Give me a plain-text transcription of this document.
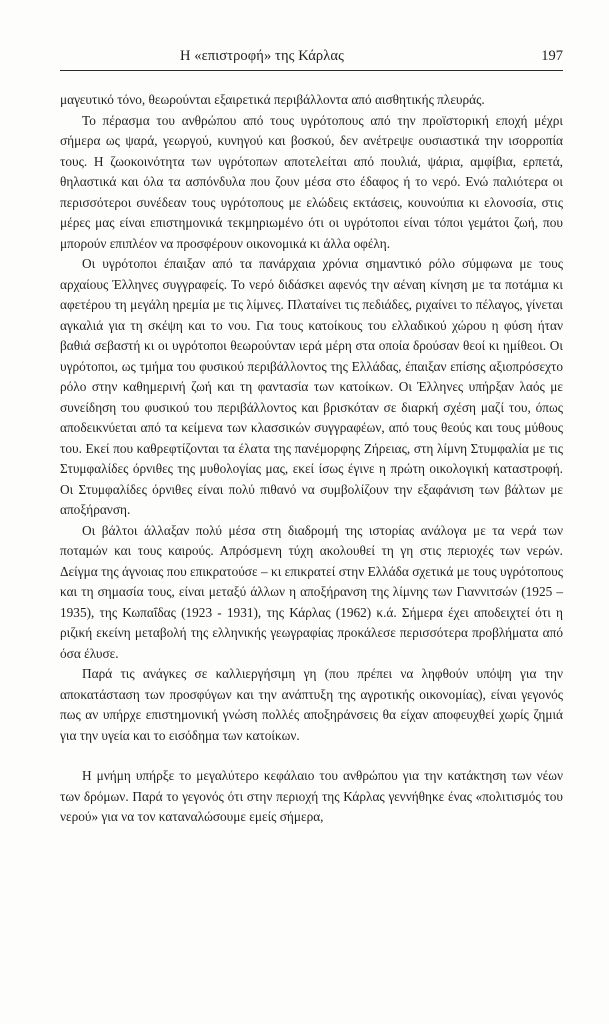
Η «επιστροφή» της Κάρλας	197

μαγευτικό τόνο, θεωρούνται εξαιρετικά περιβάλλοντα από αισθητικής πλευράς.

Το πέρασμα του ανθρώπου από τους υγρότοπους από την προϊστορική εποχή μέχρι σήμερα ως ψαρά, γεωργού, κυνηγού και βοσκού, δεν ανέτρεψε ουσιαστικά την ισορροπία τους. Η ζωοκοινότητα των υγρότοπων αποτελείται από πουλιά, ψάρια, αμφίβια, ερπετά, θηλαστικά και όλα τα ασπόνδυλα που ζουν μέσα στο έδαφος ή το νερό. Ενώ παλιότερα οι περισσότεροι συνέδεαν τους υγρότοπους με ελώδεις εκτάσεις, κουνούπια κι ελονοσία, στις μέρες μας είναι επιστημονικά τεκμηριωμένο ότι οι υγρότοποι είναι τόποι γεμάτοι ζωή, που μπορούν επιπλέον να προσφέρουν οικονομικά κι άλλα οφέλη.

Οι υγρότοποι έπαιξαν από τα πανάρχαια χρόνια σημαντικό ρόλο σύμφωνα με τους αρχαίους Έλληνες συγγραφείς. Το νερό διδάσκει αφενός την αέναη κίνηση με τα ποτάμια κι αφετέρου τη μεγάλη ηρεμία με τις λίμνες. Πλαταίνει τις πεδιάδες, ριχαίνει το πέλαγος, γίνεται αγκαλιά για τη σκέψη και το νου. Για τους κατοίκους του ελλαδικού χώρου η φύση ήταν βαθιά σεβαστή κι οι υγρότοποι θεωρούνταν ιερά μέρη στα οποία δρούσαν θεοί κι ημίθεοι. Οι υγρότοποι, ως τμήμα του φυσικού περιβάλλοντος της Ελλάδας, έπαιξαν επίσης αξιοπρόσεχτο ρόλο στην καθημερινή ζωή και τη φαντασία των κατοίκων. Οι Έλληνες υπήρξαν λαός με συνείδηση του φυσικού του περιβάλλοντος και βρισκόταν σε διαρκή σχέση μαζί του, όπως αποδεικνύεται από τα κείμενα των κλασσικών συγγραφέων, από τους θεούς και τους μύθους του. Εκεί που καθρεφτίζονται τα έλατα της πανέμορφης Ζήρειας, στη λίμνη Στυμφαλία με τις Στυμφαλίδες όρνιθες της μυθολογίας μας, εκεί ίσως έγινε η πρώτη οικολογική καταστροφή. Οι Στυμφαλίδες όρνιθες είναι πολύ πιθανό να συμβολίζουν την εξαφάνιση των βάλτων με αποξήρανση.

Οι βάλτοι άλλαξαν πολύ μέσα στη διαδρομή της ιστορίας ανάλογα με τα νερά των ποταμών και τους καιρούς. Απρόσμενη τύχη ακολουθεί τη γη στις περιοχές των νερών. Δείγμα της άγνοιας που επικρατούσε – κι επικρατεί στην Ελλάδα σχετικά με τους υγρότοπους και τη σημασία τους, είναι μεταξύ άλλων η αποξήρανση της λίμνης των Γιαννιτσών (1925 – 1935), της Κωπαΐδας (1923 - 1931), της Κάρλας (1962) κ.ά. Σήμερα έχει αποδειχτεί ότι η ριζική εκείνη μεταβολή της ελληνικής γεωγραφίας προκάλεσε περισσότερα προβλήματα από όσα έλυσε.

Παρά τις ανάγκες σε καλλιεργήσιμη γη (που πρέπει να ληφθούν υπόψη για την αποκατάσταση των προσφύγων και την ανάπτυξη της αγροτικής οικονομίας), είναι γεγονός πως αν υπήρχε επιστημονική γνώση πολλές αποξηράνσεις θα είχαν αποφευχθεί χωρίς ζημιά για την υγεία και το εισόδημα των κατοίκων.

Η μνήμη υπήρξε το μεγαλύτερο κεφάλαιο του ανθρώπου για την κατάκτηση των νέων των δρόμων. Παρά το γεγονός ότι στην περιοχή της Κάρλας γεννήθηκε ένας «πολιτισμός του νερού» για να τον καταναλώσουμε εμείς σήμερα,
